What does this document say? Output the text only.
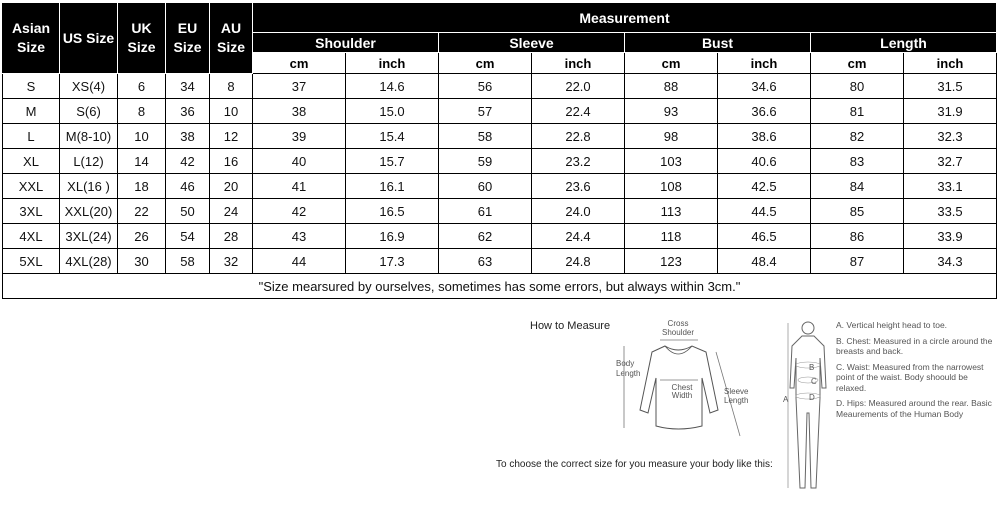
Asian Size	US Size	UK Size	EU Size	AU Size	Measurement							
					Shoulder		Sleeve		Bust		Length	
					cm	inch	cm	inch	cm	inch	cm	inch
S	XS(4)	6	34	8	37	14.6	56	22.0	88	34.6	80	31.5
M	S(6)	8	36	10	38	15.0	57	22.4	93	36.6	81	31.9
L	M(8-10)	10	38	12	39	15.4	58	22.8	98	38.6	82	32.3
XL	L(12)	14	42	16	40	15.7	59	23.2	103	40.6	83	32.7
XXL	XL(16 )	18	46	20	41	16.1	60	23.6	108	42.5	84	33.1
3XL	XXL(20)	22	50	24	42	16.5	61	24.0	113	44.5	85	33.5
4XL	3XL(24)	26	54	28	43	16.9	62	24.4	118	46.5	86	33.9
5XL	4XL(28)	30	58	32	44	17.3	63	24.8	123	48.4	87	34.3
"Size mearsured by ourselves, sometimes has some errors, but always within 3cm."												
How to Measure	Cross
Shoulder
Body
Length
Chest
Width	Sleeve
Length
B
C
D
A
A. Vertical height head to toe.
B. Chest: Measured in a circle around the breasts and back.
C. Waist: Measured from the narrowest point of the waist. Body shoould be relaxed.
D. Hips: Measured around the rear. Basic Meaurements of the Human Body
To choose the correct size for you measure your body like this:
